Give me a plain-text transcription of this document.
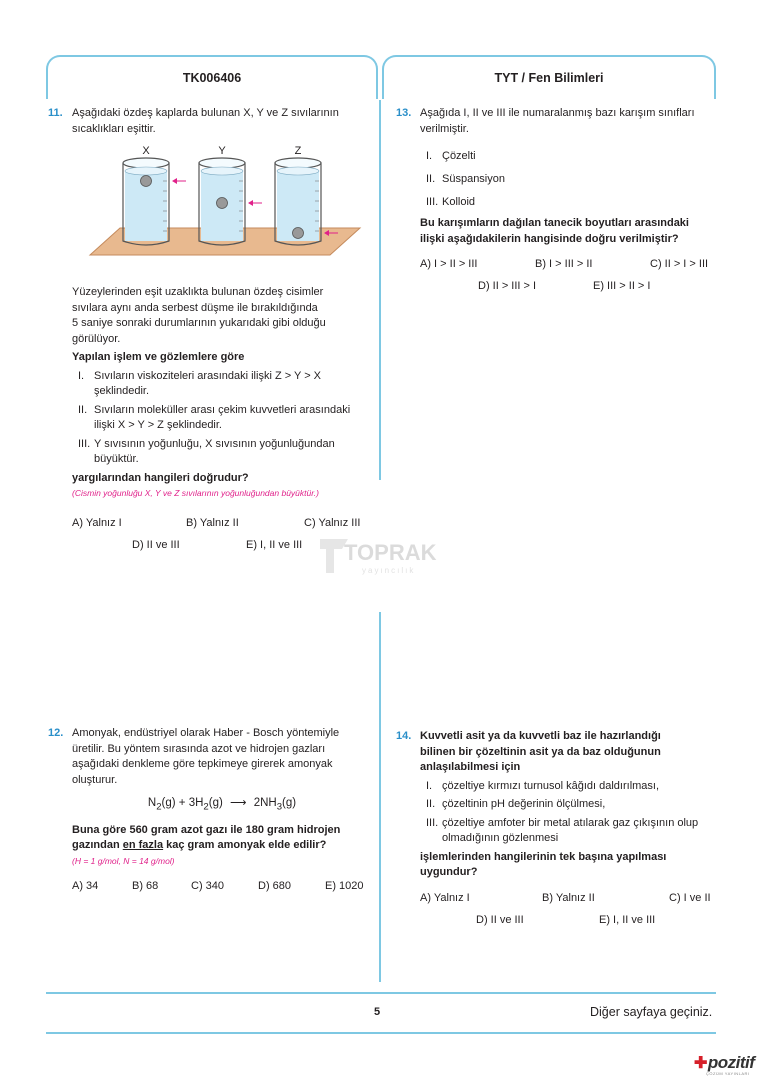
TK006406	TYT / Fen Bilimleri
11. Aşağıdaki özdeş kaplarda bulunan X, Y ve Z sıvılarının
sıcaklıkları eşittir.
X	Y	Z
Yüzeylerinden eşit uzaklıkta bulunan özdeş cisimler
sıvılara aynı anda serbest düşme ile bırakıldığında
5 saniye sonraki durumlarının yukarıdaki gibi olduğu
görülüyor.
Yapılan işlem ve gözlemlere göre
I. Sıvıların viskoziteleri arasındaki ilişki Z > Y > X
şeklindedir.
II. Sıvıların moleküller arası çekim kuvvetleri arasındaki
ilişki X > Y > Z şeklindedir.
III. Y sıvısının yoğunluğu, X sıvısının yoğunluğundan
büyüktür.
yargılarından hangileri doğrudur?
(Cismin yoğunluğu X, Y ve Z sıvılarının yoğunluğundan büyüktür.)
A) Yalnız I	B) Yalnız II	C) Yalnız III
D) II ve III	E) I, II ve III TOPRAK
yayıncılık
12. Amonyak, endüstriyel olarak Haber - Bosch yöntemiyle
üretilir. Bu yöntem sırasında azot ve hidrojen gazları
aşağıdaki denkleme göre tepkimeye girerek amonyak
oluşturur.
$N_2(g) + 3H_2(g)$ ⟶ $2NH_3(g)$
Buna göre 560 gram azot gazı ile 180 gram hidrojen
gazından en fazla kaç gram amonyak elde edilir?
(H = 1 g/mol, N = 14 g/mol)
A) 34	B) 68	C) 340	D) 680	E) 1020
13. Aşağıda I, II ve III ile numaralanmış bazı karışım sınıfları
verilmiştir.
I. Çözelti
II. Süspansiyon
III. Kolloid
Bu karışımların dağılan tanecik boyutları arasındaki
ilişki aşağıdakilerin hangisinde doğru verilmiştir?
A) I > II > III	B) I > III > II	C) II > I > III
D) II > III > I	E) III > II > I
14. Kuvvetli asit ya da kuvvetli baz ile hazırlandığı
bilinen bir çözeltinin asit ya da baz olduğunun
anlaşılabilmesi için
I. çözeltiye kırmızı turnusol kâğıdı daldırılması,
II. çözeltinin pH değerinin ölçülmesi,
III. çözeltiye amfoter bir metal atılarak gaz çıkışının olup
olmadığının gözlenmesi
işlemlerinden hangilerinin tek başına yapılması
uygundur?
A) Yalnız I	B) Yalnız II	C) I ve II
D) II ve III	E) I, II ve III
5	Diğer sayfaya geçiniz.
✚pozitif
ÇÖZÜM YAYINLARI
